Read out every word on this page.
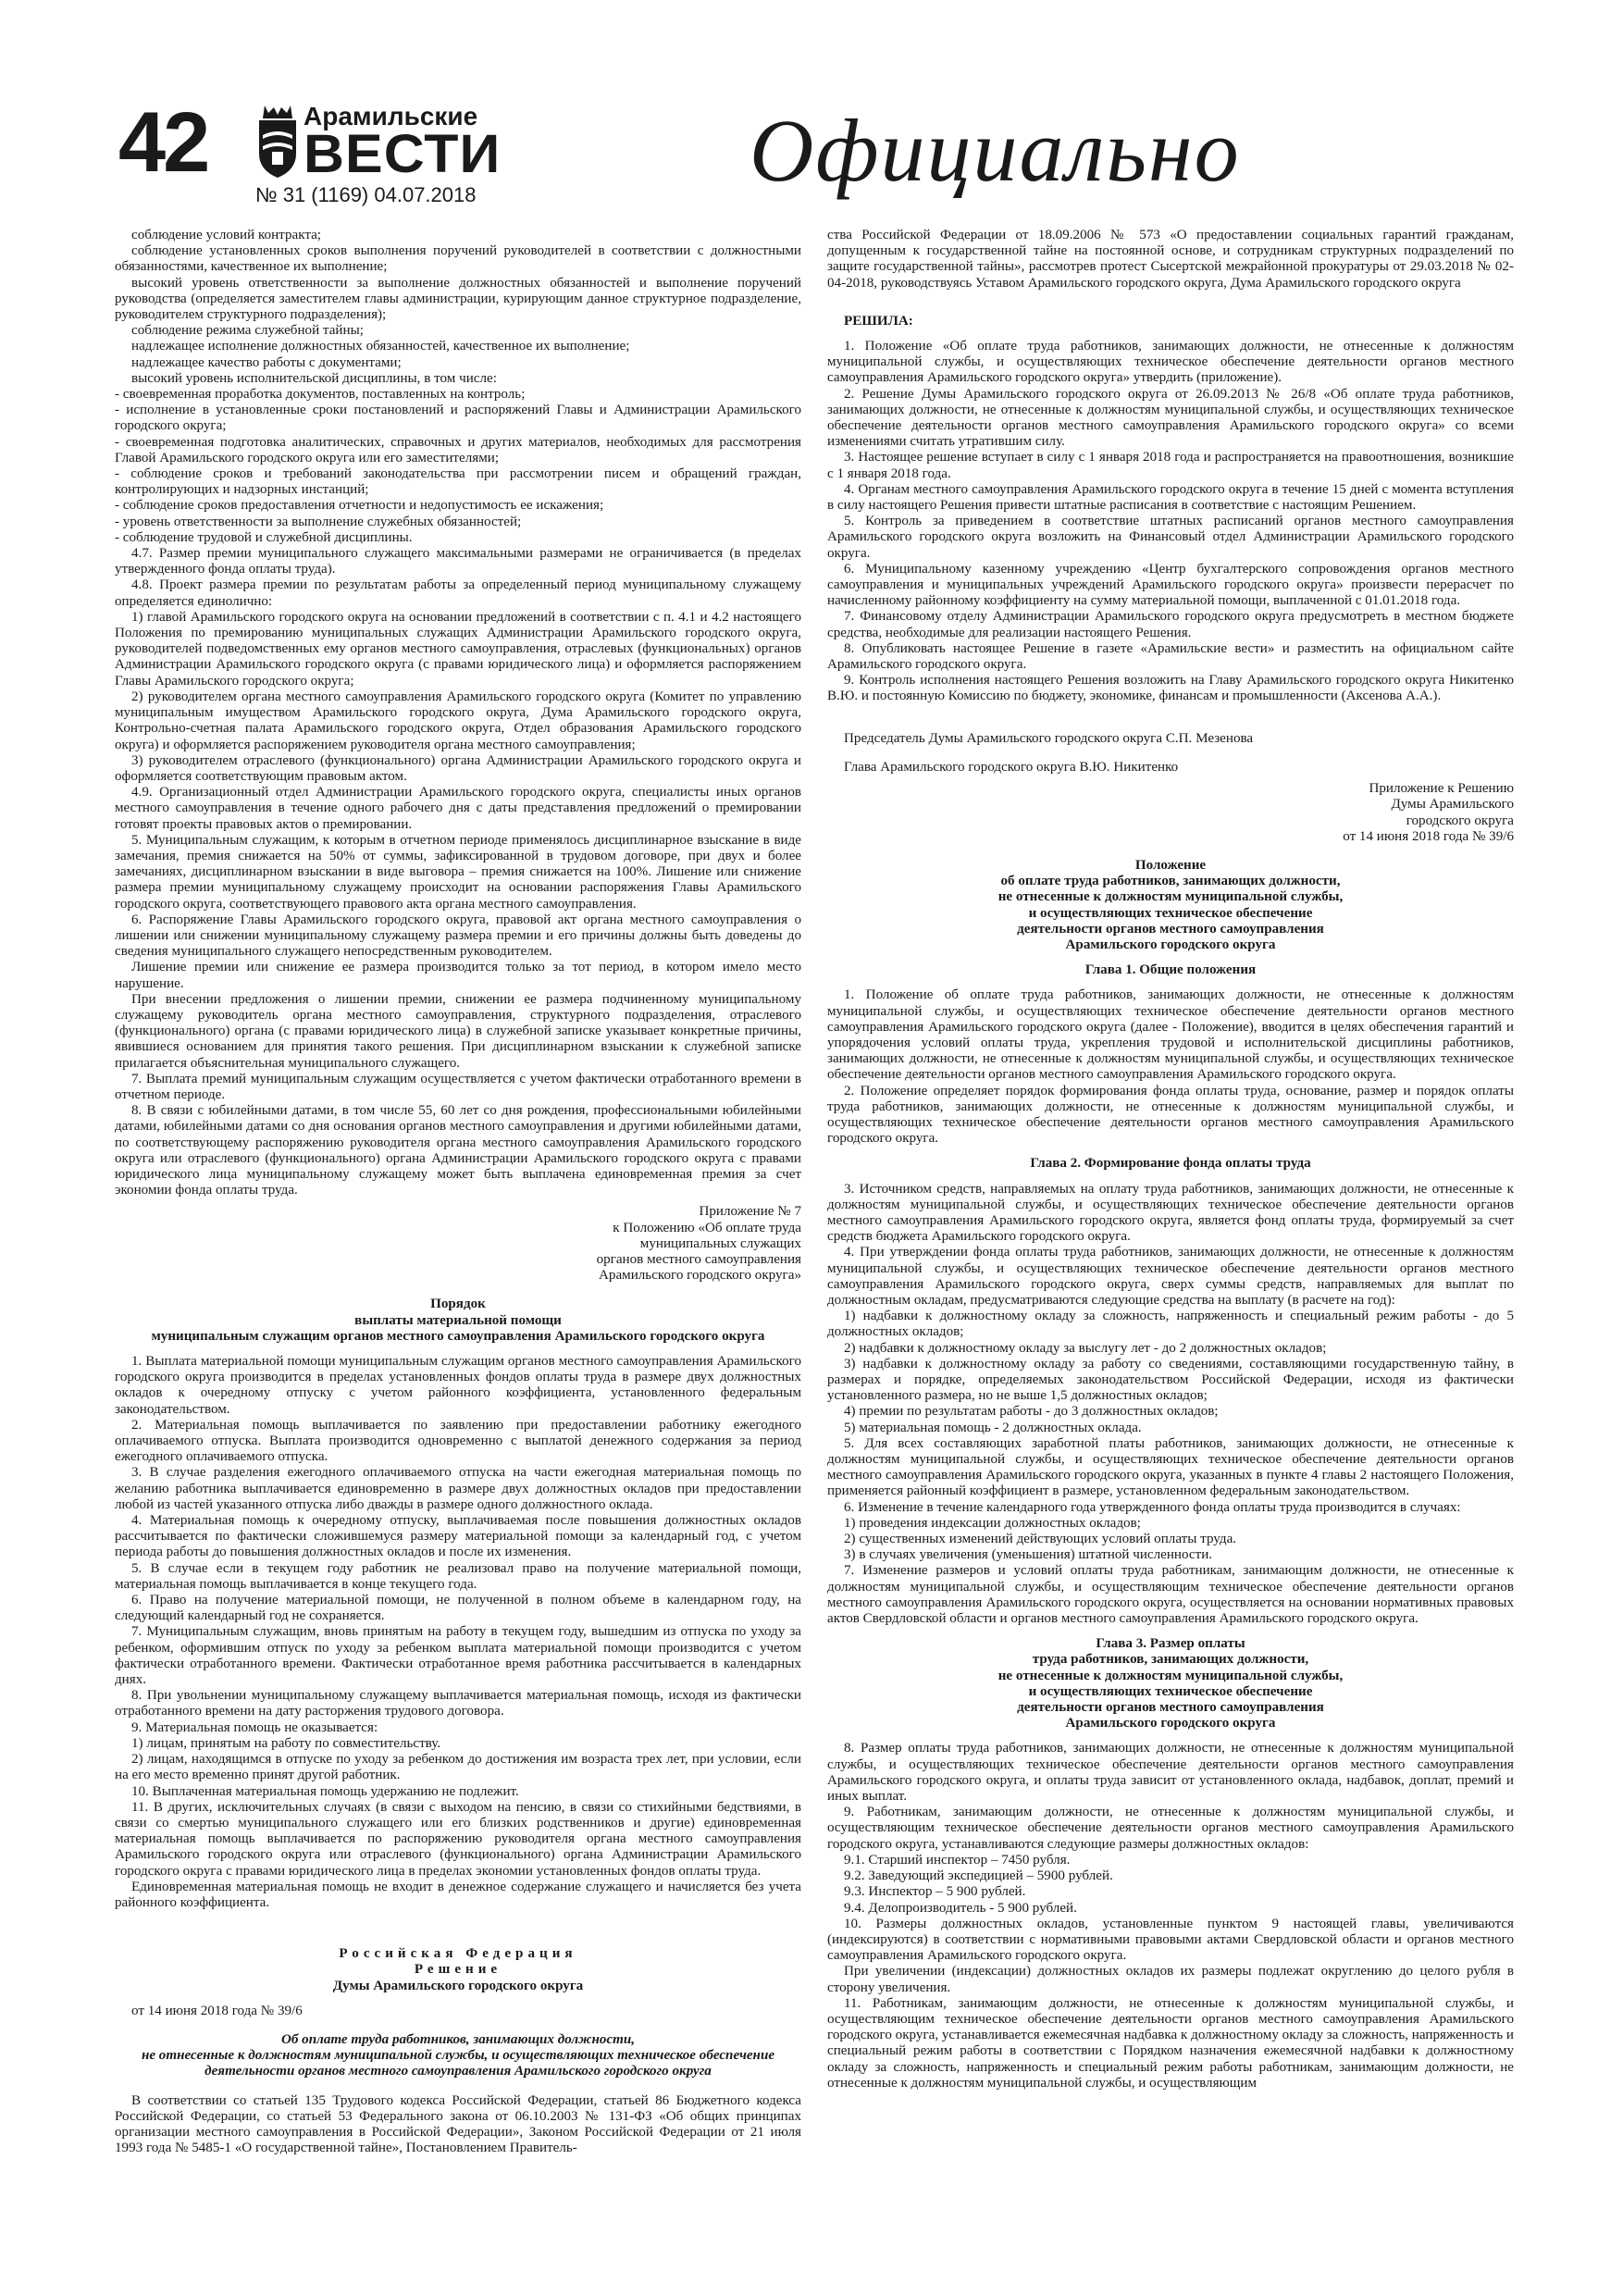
42	Арамильские
ВЕСТИ
№ 31 (1169) 04.07.2018	Официально

соблюдение условий контракта;

соблюдение установленных сроков выполнения поручений руководителей в соответствии с должностными обязанностями, качественное их выполнение;

высокий уровень ответственности за выполнение должностных обязанностей и выполнение поручений руководства (определяется заместителем главы администрации, курирующим данное структурное подразделение, руководителем структурного подразделения);

соблюдение режима служебной тайны;

надлежащее исполнение должностных обязанностей, качественное их выполнение;

надлежащее качество работы с документами;

высокий уровень исполнительской дисциплины, в том числе:

- своевременная проработка документов, поставленных на контроль;

- исполнение в установленные сроки постановлений и распоряжений Главы и Администрации Арамильского городского округа;

- своевременная подготовка аналитических, справочных и других материалов, необходимых для рассмотрения Главой Арамильского городского округа или его заместителями;

- соблюдение сроков и требований законодательства при рассмотрении писем и обращений граждан, контролирующих и надзорных инстанций;

- соблюдение сроков предоставления отчетности и недопустимость ее искажения;

- уровень ответственности за выполнение служебных обязанностей;

- соблюдение трудовой и служебной дисциплины.

4.7. Размер премии муниципального служащего максимальными размерами не ограничивается (в пределах утвержденного фонда оплаты труда).

4.8. Проект размера премии по результатам работы за определенный период муниципальному служащему определяется единолично:

1) главой Арамильского городского округа на основании предложений в соответствии с п. 4.1 и 4.2 настоящего Положения по премированию муниципальных служащих Администрации Арамильского городского округа, руководителей подведомственных ему органов местного самоуправления, отраслевых (функциональных) органов Администрации Арамильского городского округа (с правами юридического лица) и оформляется распоряжением Главы Арамильского городского округа;

2) руководителем органа местного самоуправления Арамильского городского округа (Комитет по управлению муниципальным имуществом Арамильского городского округа, Дума Арамильского городского округа, Контрольно-счетная палата Арамильского городского округа, Отдел образования Арамильского городского округа) и оформляется распоряжением руководителя органа местного самоуправления;

3) руководителем отраслевого (функционального) органа Администрации Арамильского городского округа и оформляется соответствующим правовым актом.

4.9. Организационный отдел Администрации Арамильского городского округа, специалисты иных органов местного самоуправления в течение одного рабочего дня с даты представления предложений о премировании готовят проекты правовых актов о премировании.

5. Муниципальным служащим, к которым в отчетном периоде применялось дисциплинарное взыскание в виде замечания, премия снижается на 50% от суммы, зафиксированной в трудовом договоре, при двух и более замечаниях, дисциплинарном взыскании в виде выговора – премия снижается на 100%. Лишение или снижение размера премии муниципальному служащему происходит на основании распоряжения Главы Арамильского городского округа, соответствующего правового акта органа местного самоуправления.

6. Распоряжение Главы Арамильского городского округа, правовой акт органа местного самоуправления о лишении или снижении муниципальному служащему размера премии и его причины должны быть доведены до сведения муниципального служащего непосредственным руководителем.

Лишение премии или снижение ее размера производится только за тот период, в котором имело место нарушение.

При внесении предложения о лишении премии, снижении ее размера подчиненному муниципальному служащему руководитель органа местного самоуправления, структурного подразделения, отраслевого (функционального) органа (с правами юридического лица) в служебной записке указывает конкретные причины, явившиеся основанием для принятия такого решения. При дисциплинарном взыскании к служебной записке прилагается объяснительная муниципального служащего.

7. Выплата премий муниципальным служащим осуществляется с учетом фактически отработанного времени в отчетном периоде.

8. В связи с юбилейными датами, в том числе 55, 60 лет со дня рождения, профессиональными юбилейными датами, юбилейными датами со дня основания органов местного самоуправления и другими юбилейными датами, по соответствующему распоряжению руководителя органа местного самоуправления Арамильского городского округа или отраслевого (функционального) органа Администрации Арамильского городского округа с правами юридического лица муниципальному служащему может быть выплачена единовременная премия за счет экономии фонда оплаты труда.

Приложение № 7

к Положению «Об оплате труда

муниципальных служащих

органов местного самоуправления

Арамильского городского округа»

Порядок

выплаты материальной помощи

муниципальным служащим органов местного самоуправления Арамильского городского округа

1. Выплата материальной помощи муниципальным служащим органов местного самоуправления Арамильского городского округа производится в пределах установленных фондов оплаты труда в размере двух должностных окладов к очередному отпуску с учетом районного коэффициента, установленного федеральным законодательством.

2. Материальная помощь выплачивается по заявлению при предоставлении работнику ежегодного оплачиваемого отпуска. Выплата производится одновременно с выплатой денежного содержания за период ежегодного оплачиваемого отпуска.

3. В случае разделения ежегодного оплачиваемого отпуска на части ежегодная материальная помощь по желанию работника выплачивается единовременно в размере двух должностных окладов при предоставлении любой из частей указанного отпуска либо дважды в размере одного должностного оклада.

4. Материальная помощь к очередному отпуску, выплачиваемая после повышения должностных окладов рассчитывается по фактически сложившемуся размеру материальной помощи за календарный год, с учетом периода работы до повышения должностных окладов и после их изменения.

5. В случае если в текущем году работник не реализовал право на получение материальной помощи, материальная помощь выплачивается в конце текущего года.

6. Право на получение материальной помощи, не полученной в полном объеме в календарном году, на следующий календарный год не сохраняется.

7. Муниципальным служащим, вновь принятым на работу в текущем году, вышедшим из отпуска по уходу за ребенком, оформившим отпуск по уходу за ребенком выплата материальной помощи производится с учетом фактически отработанного времени. Фактически отработанное время работника рассчитывается в календарных днях.

8. При увольнении муниципальному служащему выплачивается материальная помощь, исходя из фактически отработанного времени на дату расторжения трудового договора.

9. Материальная помощь не оказывается:

1) лицам, принятым на работу по совместительству.

2) лицам, находящимся в отпуске по уходу за ребенком до достижения им возраста трех лет, при условии, если на его место временно принят другой работник.

10. Выплаченная материальная помощь удержанию не подлежит.

11. В других, исключительных случаях (в связи с выходом на пенсию, в связи со стихийными бедствиями, в связи со смертью муниципального служащего или его близких родственников и другие) единовременная материальная помощь выплачивается по распоряжению руководителя органа местного самоуправления Арамильского городского округа или отраслевого (функционального) органа Администрации Арамильского городского округа с правами юридического лица в пределах экономии установленных фондов оплаты труда.

Единовременная материальная помощь не входит в денежное содержание служащего и начисляется без учета районного коэффициента.

Российская Федерация

Решение

Думы Арамильского городского округа

от 14 июня 2018 года № 39/6

Об оплате труда работников, занимающих должности,

не отнесенные к должностям муниципальной службы, и осуществляющих техническое обеспечение деятельности органов местного самоуправления Арамильского городского округа

В соответствии со статьей 135 Трудового кодекса Российской Федерации, статьей 86 Бюджетного кодекса Российской Федерации, со статьей 53 Федерального закона от 06.10.2003 № 131-ФЗ «Об общих принципах организации местного самоуправления в Российской Федерации», Законом Российской Федерации от 21 июля 1993 года № 5485-1 «О государственной тайне», Постановлением Правитель-

ства Российской Федерации от 18.09.2006 № 573 «О предоставлении социальных гарантий гражданам, допущенным к государственной тайне на постоянной основе, и сотрудникам структурных подразделений по защите государственной тайны», рассмотрев протест Сысертской межрайонной прокуратуры от 29.03.2018 № 02-04-2018, руководствуясь Уставом Арамильского городского округа, Дума Арамильского городского округа

РЕШИЛА:

1. Положение «Об оплате труда работников, занимающих должности, не отнесенные к должностям муниципальной службы, и осуществляющих техническое обеспечение деятельности органов местного самоуправления Арамильского городского округа» утвердить (приложение).

2. Решение Думы Арамильского городского округа от 26.09.2013 № 26/8 «Об оплате труда работников, занимающих должности, не отнесенные к должностям муниципальной службы, и осуществляющих техническое обеспечение деятельности органов местного самоуправления Арамильского городского округа» со всеми изменениями считать утратившим силу.

3. Настоящее решение вступает в силу с 1 января 2018 года и распространяется на правоотношения, возникшие с 1 января 2018 года.

4. Органам местного самоуправления Арамильского городского округа в течение 15 дней с момента вступления в силу настоящего Решения привести штатные расписания в соответствие с настоящим Решением.

5. Контроль за приведением в соответствие штатных расписаний органов местного самоуправления Арамильского городского округа возложить на Финансовый отдел Администрации Арамильского городского округа.

6. Муниципальному казенному учреждению «Центр бухгалтерского сопровождения органов местного самоуправления и муниципальных учреждений Арамильского городского округа» произвести перерасчет по начисленному районному коэффициенту на сумму материальной помощи, выплаченной с 01.01.2018 года.

7. Финансовому отделу Администрации Арамильского городского округа предусмотреть в местном бюджете средства, необходимые для реализации настоящего Решения.

8. Опубликовать настоящее Решение в газете «Арамильские вести» и разместить на официальном сайте Арамильского городского округа.

9. Контроль исполнения настоящего Решения возложить на Главу Арамильского городского округа Никитенко В.Ю. и постоянную Комиссию по бюджету, экономике, финансам и промышленности (Аксенова А.А.).

Председатель Думы Арамильского городского округа С.П. Мезенова

Глава Арамильского городского округа В.Ю. Никитенко

Приложение к Решению

Думы Арамильского

городского округа

от 14 июня 2018 года № 39/6

Положение

об оплате труда работников, занимающих должности,

не отнесенные к должностям муниципальной службы,

и осуществляющих техническое обеспечение

деятельности органов местного самоуправления

Арамильского городского округа

Глава 1. Общие положения

1. Положение об оплате труда работников, занимающих должности, не отнесенные к должностям муниципальной службы, и осуществляющих техническое обеспечение деятельности органов местного самоуправления Арамильского городского округа (далее - Положение), вводится в целях обеспечения гарантий и упорядочения условий оплаты труда, укрепления трудовой и исполнительской дисциплины работников, занимающих должности, не отнесенные к должностям муниципальной службы, и осуществляющих техническое обеспечение деятельности органов местного самоуправления Арамильского городского округа.

2. Положение определяет порядок формирования фонда оплаты труда, основание, размер и порядок оплаты труда работников, занимающих должности, не отнесенные к должностям муниципальной службы, и осуществляющих техническое обеспечение деятельности органов местного самоуправления Арамильского городского округа.

Глава 2. Формирование фонда оплаты труда

3. Источником средств, направляемых на оплату труда работников, занимающих должности, не отнесенные к должностям муниципальной службы, и осуществляющих техническое обеспечение деятельности органов местного самоуправления Арамильского городского округа, является фонд оплаты труда, формируемый за счет средств бюджета Арамильского городского округа.

4. При утверждении фонда оплаты труда работников, занимающих должности, не отнесенные к должностям муниципальной службы, и осуществляющих техническое обеспечение деятельности органов местного самоуправления Арамильского городского округа, сверх суммы средств, направляемых для выплат по должностным окладам, предусматриваются следующие средства на выплату (в расчете на год):

1) надбавки к должностному окладу за сложность, напряженность и специальный режим работы - до 5 должностных окладов;

2) надбавки к должностному окладу за выслугу лет - до 2 должностных окладов;

3) надбавки к должностному окладу за работу со сведениями, составляющими государственную тайну, в размерах и порядке, определяемых законодательством Российской Федерации, исходя из фактически установленного размера, но не выше 1,5 должностных окладов;

4) премии по результатам работы - до 3 должностных окладов;

5) материальная помощь - 2 должностных оклада.

5. Для всех составляющих заработной платы работников, занимающих должности, не отнесенные к должностям муниципальной службы, и осуществляющих техническое обеспечение деятельности органов местного самоуправления Арамильского городского округа, указанных в пункте 4 главы 2 настоящего Положения, применяется районный коэффициент в размере, установленном федеральным законодательством.

6. Изменение в течение календарного года утвержденного фонда оплаты труда производится в случаях:

1) проведения индексации должностных окладов;

2) существенных изменений действующих условий оплаты труда.

3) в случаях увеличения (уменьшения) штатной численности.

7. Изменение размеров и условий оплаты труда работникам, занимающим должности, не отнесенные к должностям муниципальной службы, и осуществляющим техническое обеспечение деятельности органов местного самоуправления Арамильского городского округа, осуществляется на основании нормативных правовых актов Свердловской области и органов местного самоуправления Арамильского городского округа.

Глава 3. Размер оплаты

труда работников, занимающих должности,

не отнесенные к должностям муниципальной службы,

и осуществляющих техническое обеспечение

деятельности органов местного самоуправления

Арамильского городского округа

8. Размер оплаты труда работников, занимающих должности, не отнесенные к должностям муниципальной службы, и осуществляющих техническое обеспечение деятельности органов местного самоуправления Арамильского городского округа, и оплаты труда зависит от установленного оклада, надбавок, доплат, премий и иных выплат.

9. Работникам, занимающим должности, не отнесенные к должностям муниципальной службы, и осуществляющим техническое обеспечение деятельности органов местного самоуправления Арамильского городского округа, устанавливаются следующие размеры должностных окладов:

9.1. Старший инспектор – 7450 рубля.

9.2. Заведующий экспедицией – 5900 рублей.

9.3. Инспектор – 5 900 рублей.

9.4. Делопроизводитель - 5 900 рублей.

10. Размеры должностных окладов, установленные пунктом 9 настоящей главы, увеличиваются (индексируются) в соответствии с нормативными правовыми актами Свердловской области и органов местного самоуправления Арамильского городского округа.

При увеличении (индексации) должностных окладов их размеры подлежат округлению до целого рубля в сторону увеличения.

11. Работникам, занимающим должности, не отнесенные к должностям муниципальной службы, и осуществляющим техническое обеспечение деятельности органов местного самоуправления Арамильского городского округа, устанавливается ежемесячная надбавка к должностному окладу за сложность, напряженность и специальный режим работы в соответствии с Порядком назначения ежемесячной надбавки к должностному окладу за сложность, напряженность и специальный режим работы работникам, занимающим должности, не отнесенные к должностям муниципальной службы, и осуществляющим
